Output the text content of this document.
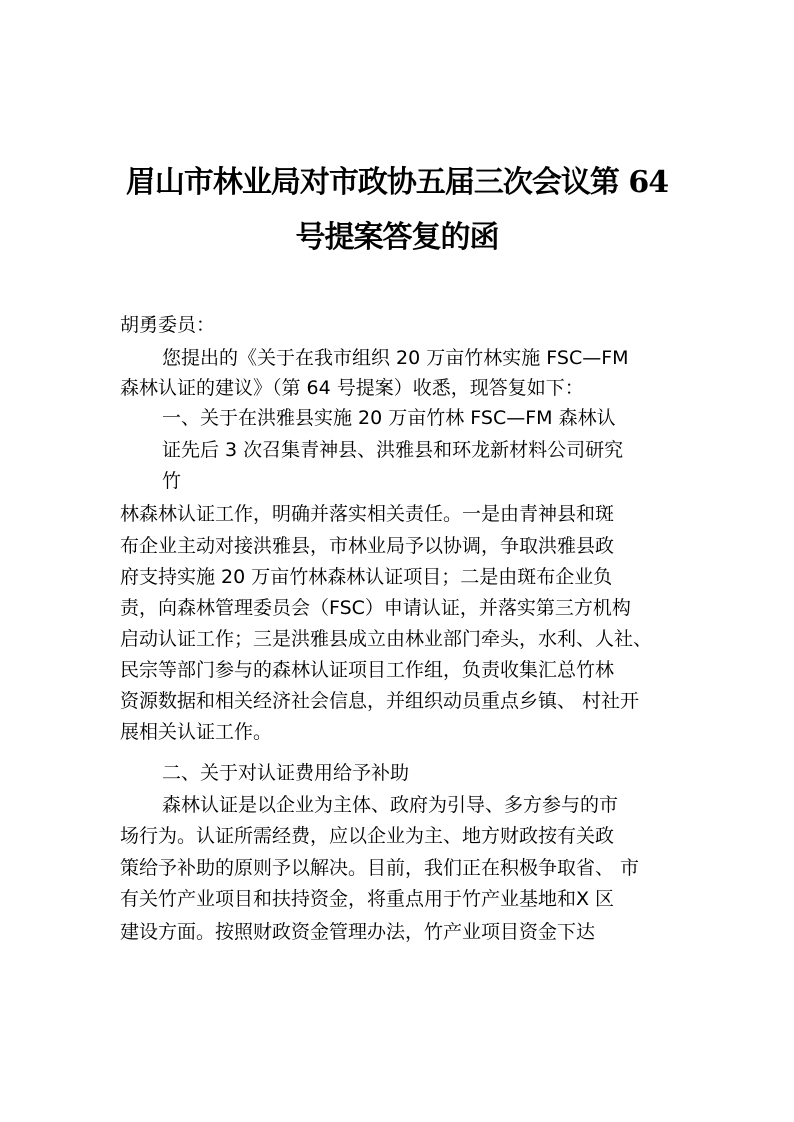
眉山市林业局对市政协五届三次会议第 64
号提案答复的函
胡勇委员：
您提出的《关于在我市组织 20 万亩竹林实施 FSC—FM
森林认证的建议》（第 64 号提案）收悉，现答复如下：
一、关于在洪雅县实施 20 万亩竹林 FSC—FM 森林认
证先后 3 次召集青神县、洪雅县和环龙新材料公司研究
竹
林森林认证工作，明确并落实相关责任。一是由青神县和斑
布企业主动对接洪雅县，市林业局予以协调，争取洪雅县政
府支持实施 20 万亩竹林森林认证项目；二是由斑布企业负
责，向森林管理委员会（FSC）申请认证，并落实第三方机构
启动认证工作；三是洪雅县成立由林业部门牵头，水利、人社、
民宗等部门参与的森林认证项目工作组，负责收集汇总竹林
资源数据和相关经济社会信息，并组织动员重点乡镇、 村社开
展相关认证工作。
二、关于对认证费用给予补助
森林认证是以企业为主体、政府为引导、多方参与的市
场行为。认证所需经费，应以企业为主、地方财政按有关政
策给予补助的原则予以解决。目前，我们正在积极争取省、 市
有关竹产业项目和扶持资金，将重点用于竹产业基地和X 区
建设方面。按照财政资金管理办法，竹产业项目资金下达
